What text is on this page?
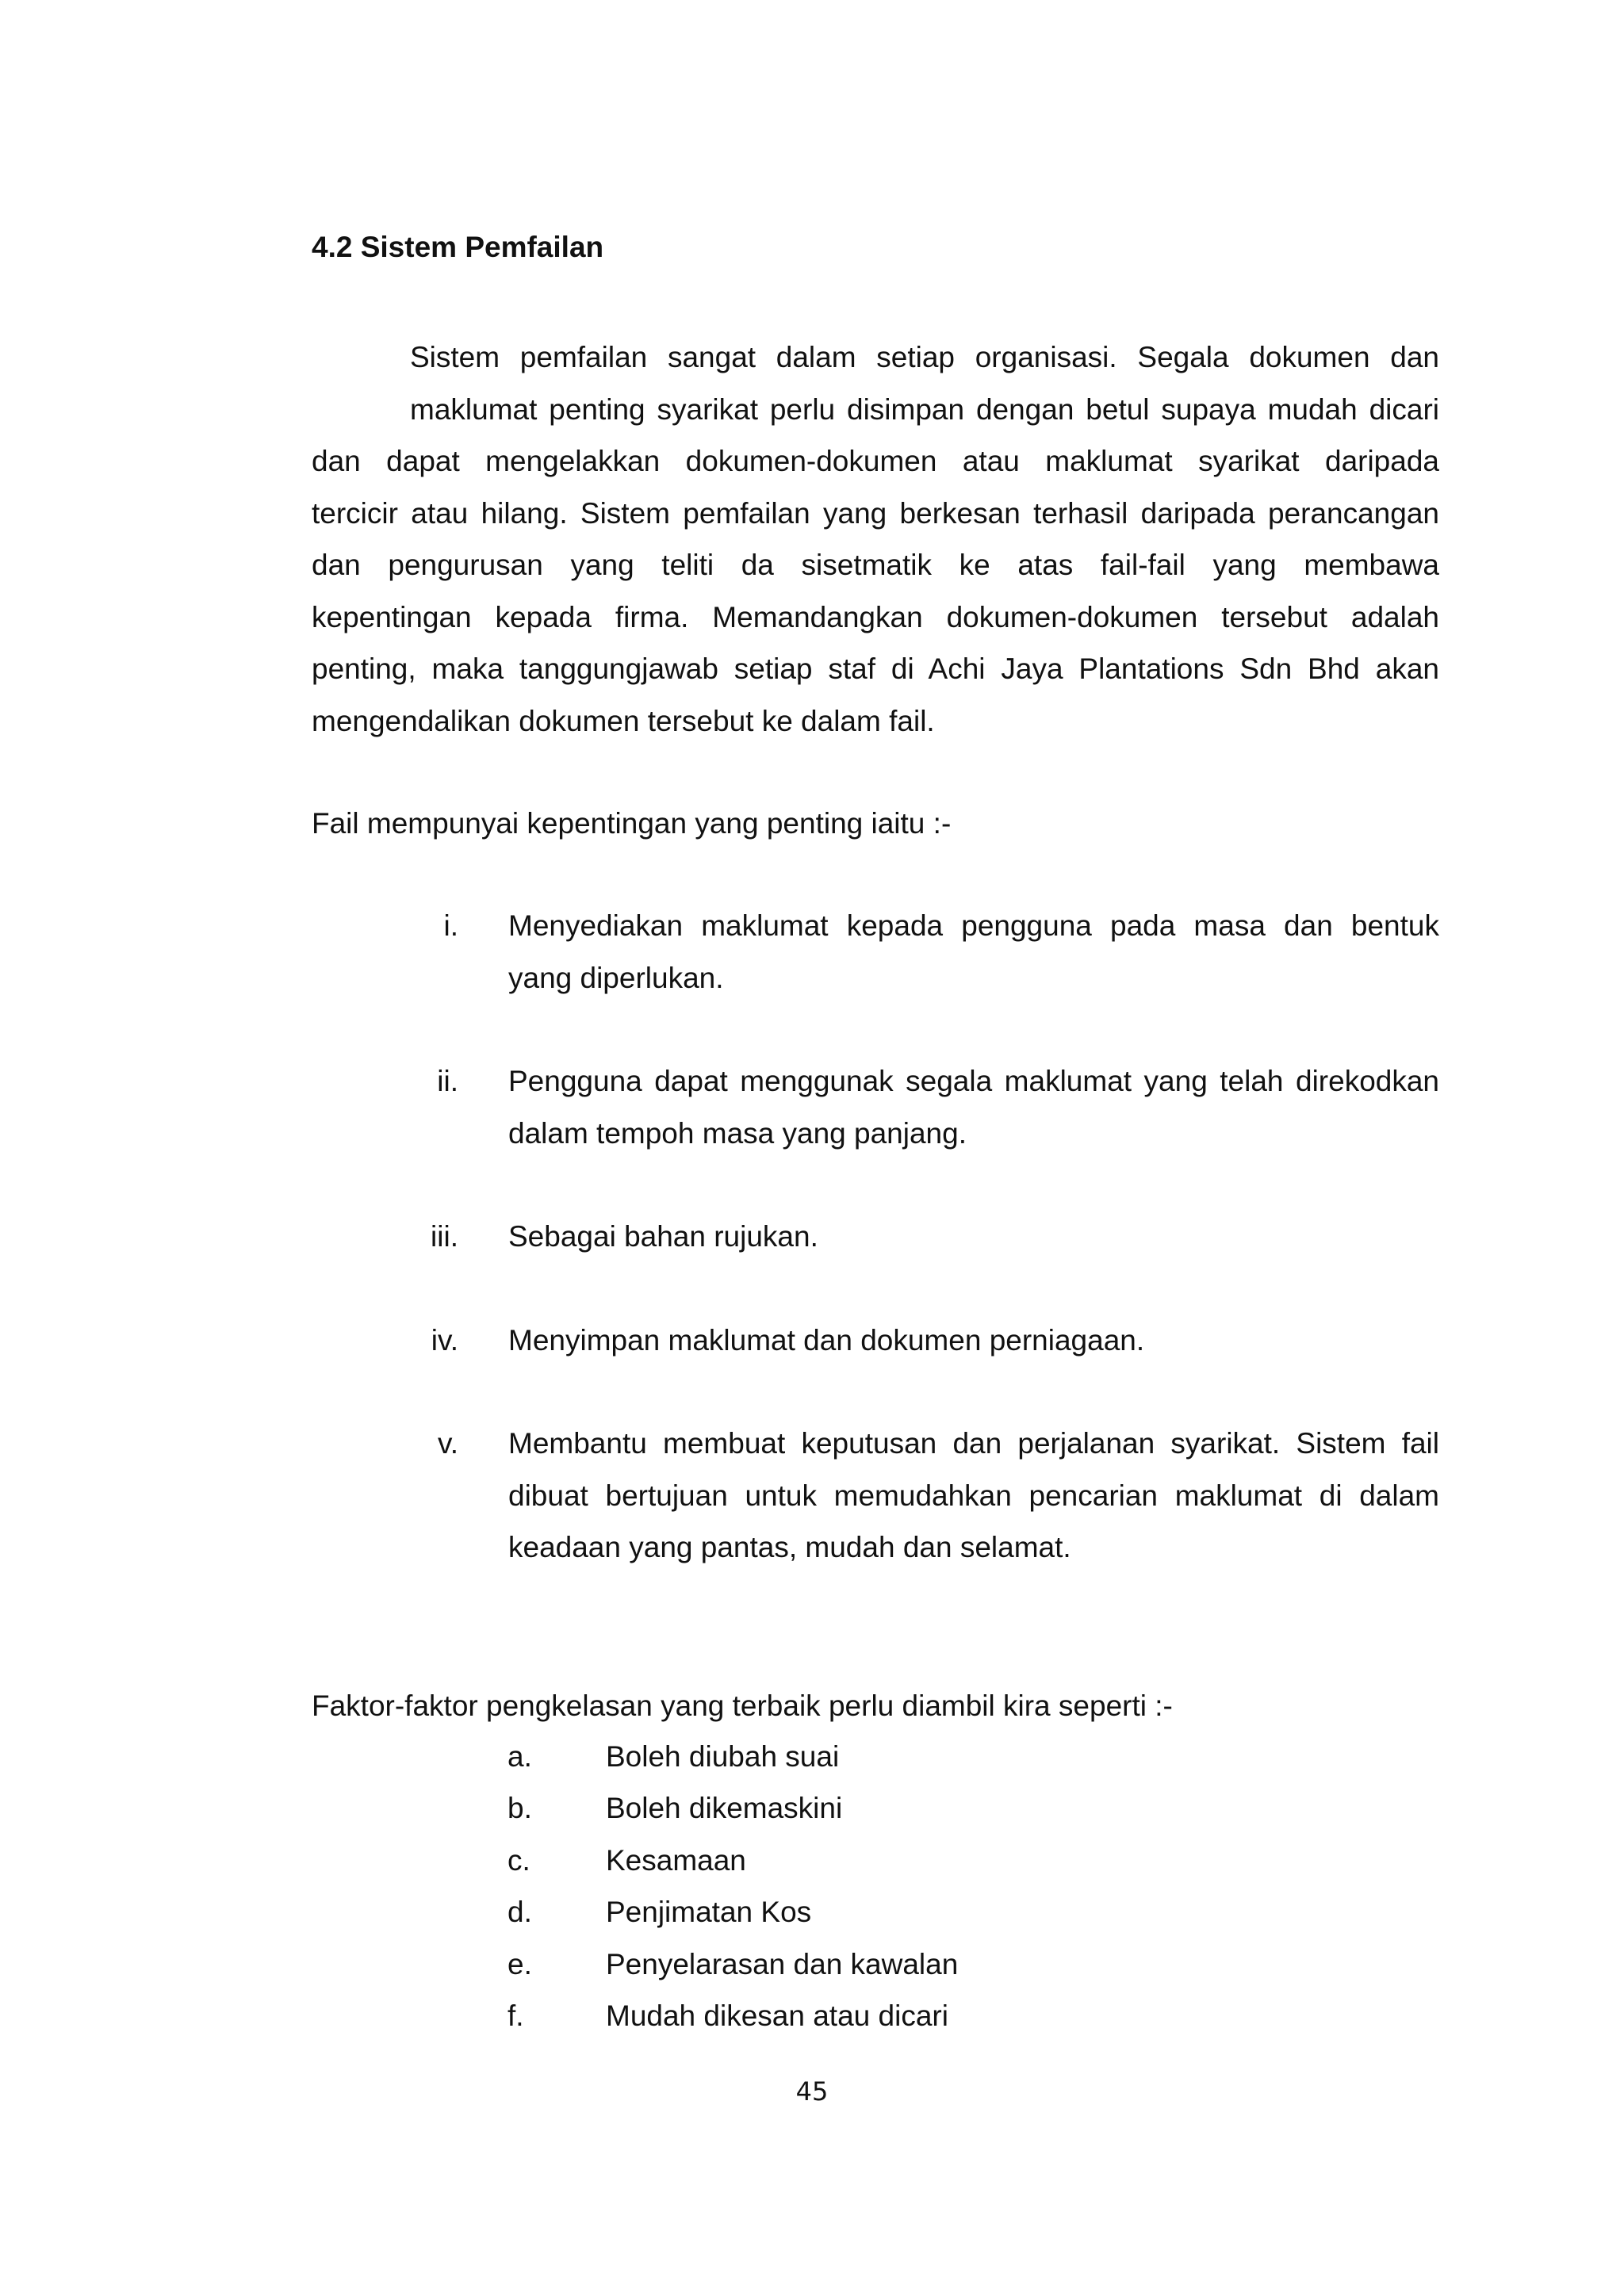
4.2 Sistem Pemfailan
Sistem pemfailan sangat dalam setiap organisasi. Segala dokumen dan
maklumat penting syarikat perlu disimpan dengan betul supaya mudah dicari
dan dapat mengelakkan dokumen-dokumen atau maklumat syarikat daripada
tercicir atau hilang. Sistem pemfailan yang berkesan terhasil daripada perancangan
dan pengurusan yang teliti da sisetmatik ke atas fail-fail yang membawa
kepentingan kepada firma. Memandangkan dokumen-dokumen tersebut adalah
penting, maka tanggungjawab setiap staf di Achi Jaya Plantations Sdn Bhd akan
mengendalikan dokumen tersebut ke dalam fail.

Fail mempunyai kepentingan yang penting iaitu :-

i. Menyediakan maklumat kepada pengguna pada masa dan bentuk
yang diperlukan.
ii. Pengguna dapat menggunak segala maklumat yang telah direkodkan
dalam tempoh masa yang panjang.
iii. Sebagai bahan rujukan.
iv. Menyimpan maklumat dan dokumen perniagaan.
v. Membantu membuat keputusan dan perjalanan syarikat. Sistem fail
dibuat bertujuan untuk memudahkan pencarian maklumat di dalam
keadaan yang pantas, mudah dan selamat.

Faktor-faktor pengkelasan yang terbaik perlu diambil kira seperti :-

a.	Boleh diubah suai
b.	Boleh dikemaskini
c.	Kesamaan
d.	Penjimatan Kos
e.	Penyelarasan dan kawalan
f.	Mudah dikesan atau dicari

45
